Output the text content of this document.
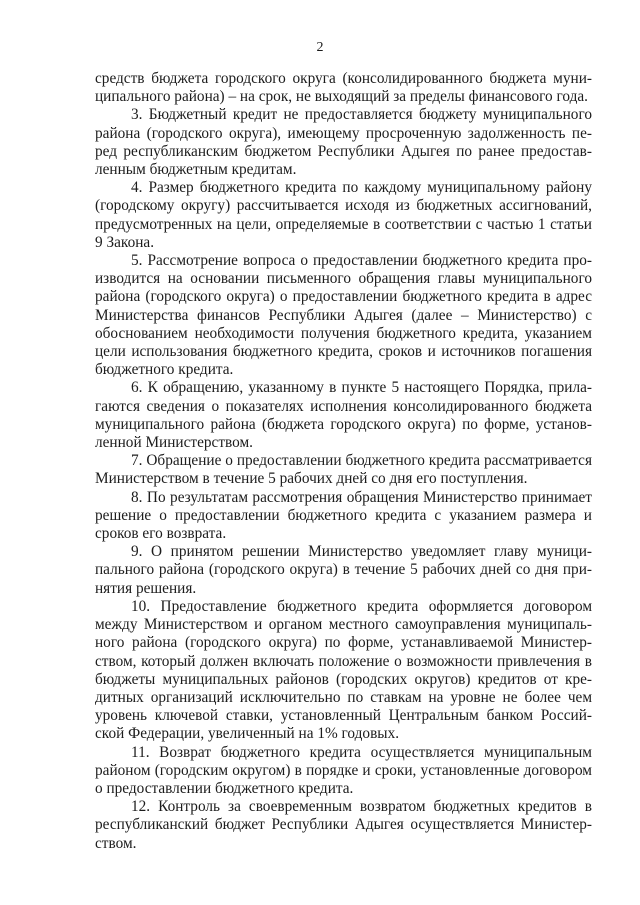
2

средств бюджета городского округа (консолидированного бюджета муниципального района) – на срок, не выходящий за пределы финансового года.

3. Бюджетный кредит не предоставляется бюджету муниципального района (городского округа), имеющему просроченную задолженность перед республиканским бюджетом Республики Адыгея по ранее предоставленным бюджетным кредитам.

4. Размер бюджетного кредита по каждому муниципальному району (городскому округу) рассчитывается исходя из бюджетных ассигнований, предусмотренных на цели, определяемые в соответствии с частью 1 статьи 9 Закона.

5. Рассмотрение вопроса о предоставлении бюджетного кредита производится на основании письменного обращения главы муниципального района (городского округа) о предоставлении бюджетного кредита в адрес Министерства финансов Республики Адыгея (далее – Министерство) с обоснованием необходимости получения бюджетного кредита, указанием цели использования бюджетного кредита, сроков и источников погашения бюджетного кредита.

6. К обращению, указанному в пункте 5 настоящего Порядка, прилагаются сведения о показателях исполнения консолидированного бюджета муниципального района (бюджета городского округа) по форме, установленной Министерством.

7. Обращение о предоставлении бюджетного кредита рассматривается Министерством в течение 5 рабочих дней со дня его поступления.

8. По результатам рассмотрения обращения Министерство принимает решение о предоставлении бюджетного кредита с указанием размера и сроков его возврата.

9. О принятом решении Министерство уведомляет главу муниципального района (городского округа) в течение 5 рабочих дней со дня принятия решения.

10. Предоставление бюджетного кредита оформляется договором между Министерством и органом местного самоуправления муниципального района (городского округа) по форме, устанавливаемой Министерством, который должен включать положение о возможности привлечения в бюджеты муниципальных районов (городских округов) кредитов от кредитных организаций исключительно по ставкам на уровне не более чем уровень ключевой ставки, установленный Центральным банком Российской Федерации, увеличенный на 1% годовых.

11. Возврат бюджетного кредита осуществляется муниципальным районом (городским округом) в порядке и сроки, установленные договором о предоставлении бюджетного кредита.

12. Контроль за своевременным возвратом бюджетных кредитов в республиканский бюджет Республики Адыгея осуществляется Министерством.
